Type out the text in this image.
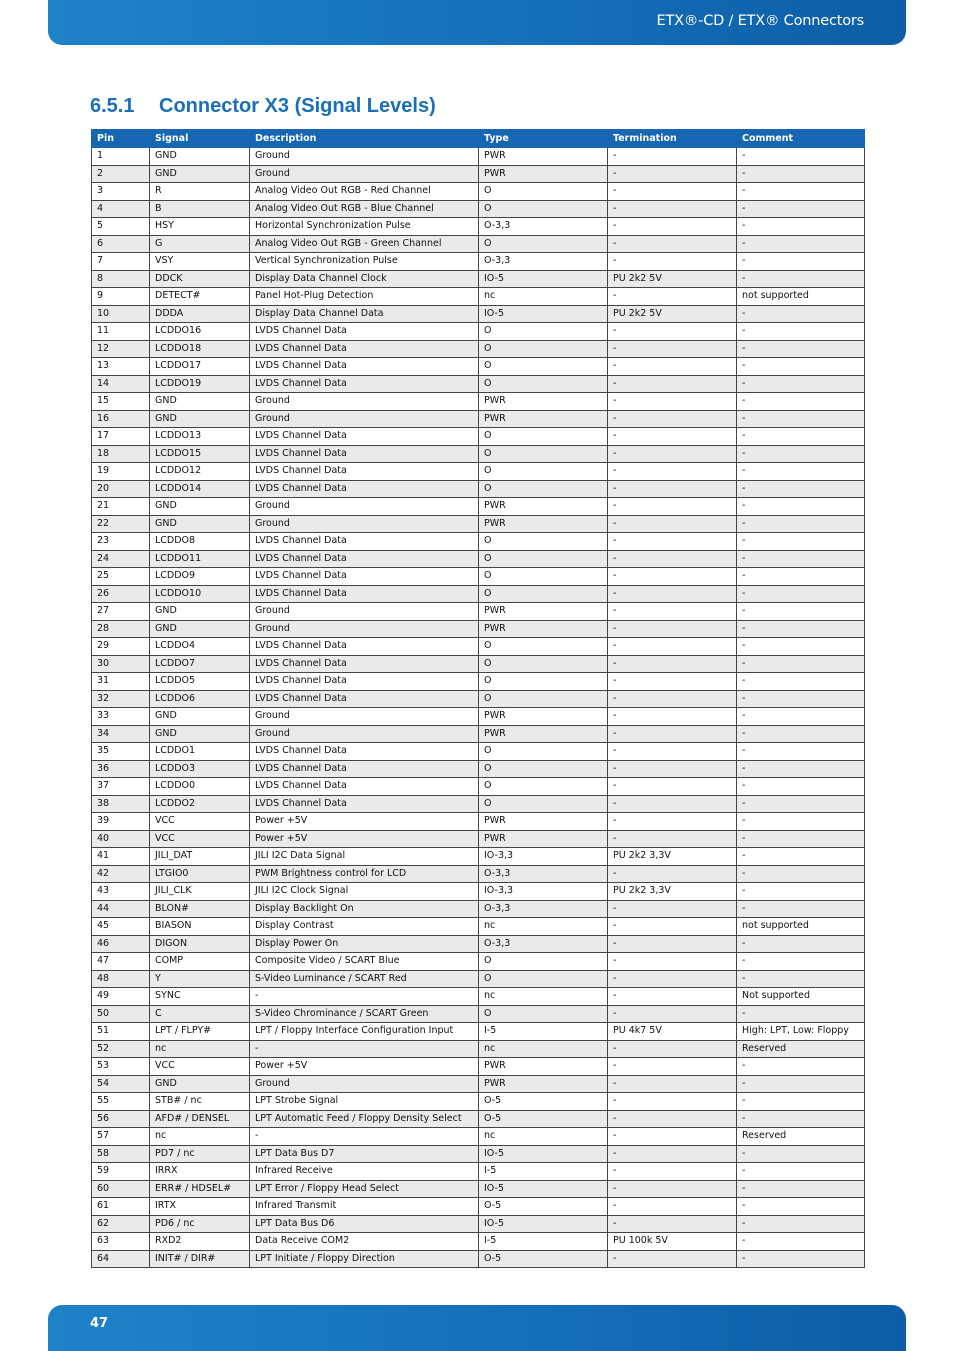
ETX®-CD / ETX® Connectors
6.5.1 Connector X3 (Signal Levels)
Pin	Signal	Description	Type	Termination	Comment
1	GND	Ground	PWR	-	-
2	GND	Ground	PWR	-	-
3	R	Analog Video Out RGB - Red Channel	O	-	-
4	B	Analog Video Out RGB - Blue Channel	O	-	-
5	HSY	Horizontal Synchronization Pulse	O-3,3	-	-
6	G	Analog Video Out RGB - Green Channel	O	-	-
7	VSY	Vertical Synchronization Pulse	O-3,3	-	-
8	DDCK	Display Data Channel Clock	IO-5	PU 2k2 5V	-
9	DETECT#	Panel Hot-Plug Detection	nc	-	not supported
10	DDDA	Display Data Channel Data	IO-5	PU 2k2 5V	-
11	LCDDO16	LVDS Channel Data	O	-	-
12	LCDDO18	LVDS Channel Data	O	-	-
13	LCDDO17	LVDS Channel Data	O	-	-
14	LCDDO19	LVDS Channel Data	O	-	-
15	GND	Ground	PWR	-	-
16	GND	Ground	PWR	-	-
17	LCDDO13	LVDS Channel Data	O	-	-
18	LCDDO15	LVDS Channel Data	O	-	-
19	LCDDO12	LVDS Channel Data	O	-	-
20	LCDDO14	LVDS Channel Data	O	-	-
21	GND	Ground	PWR	-	-
22	GND	Ground	PWR	-	-
23	LCDDO8	LVDS Channel Data	O	-	-
24	LCDDO11	LVDS Channel Data	O	-	-
25	LCDDO9	LVDS Channel Data	O	-	-
26	LCDDO10	LVDS Channel Data	O	-	-
27	GND	Ground	PWR	-	-
28	GND	Ground	PWR	-	-
29	LCDDO4	LVDS Channel Data	O	-	-
30	LCDDO7	LVDS Channel Data	O	-	-
31	LCDDO5	LVDS Channel Data	O	-	-
32	LCDDO6	LVDS Channel Data	O	-	-
33	GND	Ground	PWR	-	-
34	GND	Ground	PWR	-	-
35	LCDDO1	LVDS Channel Data	O	-	-
36	LCDDO3	LVDS Channel Data	O	-	-
37	LCDDO0	LVDS Channel Data	O	-	-
38	LCDDO2	LVDS Channel Data	O	-	-
39	VCC	Power +5V	PWR	-	-
40	VCC	Power +5V	PWR	-	-
41	JILI_DAT	JILI I2C Data Signal	IO-3,3	PU 2k2 3,3V	-
42	LTGIO0	PWM Brightness control for LCD	O-3,3	-	-
43	JILI_CLK	JILI I2C Clock Signal	IO-3,3	PU 2k2 3,3V	-
44	BLON#	Display Backlight On	O-3,3	-	-
45	BIASON	Display Contrast	nc	-	not supported
46	DIGON	Display Power On	O-3,3	-	-
47	COMP	Composite Video / SCART Blue	O	-	-
48	Y	S-Video Luminance / SCART Red	O	-	-
49	SYNC	-	nc	-	Not supported
50	C	S-Video Chrominance / SCART Green	O	-	-
51	LPT / FLPY#	LPT / Floppy Interface Configuration Input	I-5	PU 4k7 5V	High: LPT, Low: Floppy
52	nc	-	nc	-	Reserved
53	VCC	Power +5V	PWR	-	-
54	GND	Ground	PWR	-	-
55	STB# / nc	LPT Strobe Signal	O-5	-	-
56	AFD# / DENSEL	LPT Automatic Feed / Floppy Density Select	O-5	-	-
57	nc	-	nc	-	Reserved
58	PD7 / nc	LPT Data Bus D7	IO-5	-	-
59	IRRX	Infrared Receive	I-5	-	-
60	ERR# / HDSEL#	LPT Error / Floppy Head Select	IO-5	-	-
61	IRTX	Infrared Transmit	O-5	-	-
62	PD6 / nc	LPT Data Bus D6	IO-5	-	-
63	RXD2	Data Receive COM2	I-5	PU 100k 5V	-
64	INIT# / DIR#	LPT Initiate / Floppy Direction	O-5	-	-
47
